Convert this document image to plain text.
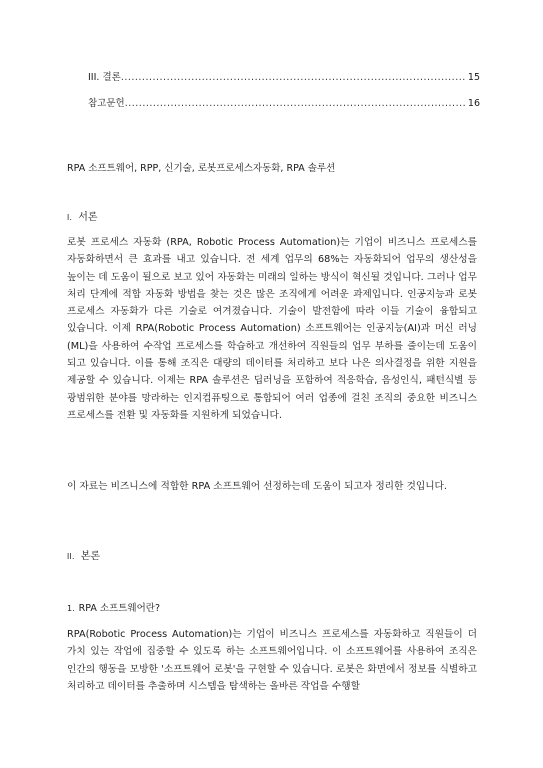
III. 결론 .....	15
참고문헌 .....	16
RPA 소프트웨어, RPP, 신기술, 로봇프로세스자동화, RPA 솔루션
I. 서론

로봇 프로세스 자동화 (RPA, Robotic Process Automation)는 기업이 비즈니스 프로세스를 자동화하면서 큰 효과를 내고 있습니다. 전 세계 업무의 68%는 자동화되어 업무의 생산성을 높이는 데 도움이 될으로 보고 있어 자동화는 미래의 일하는 방식이 혁신될 것입니다. 그러나 업무 처리 단계에 적합 자동화 방법을 찾는 것은 많은 조직에게 어려운 과제입니다. 인공지능과 로봇 프로세스 자동화가 다른 기술로 여겨졌습니다. 기술이 발전함에 따라 이들 기술이 융합되고 있습니다. 이제 RPA(Robotic Process Automation) 소프트웨어는 인공지능(AI)과 머신 러닝(ML)을 사용하여 수작업 프로세스를 학습하고 개선하여 직원들의 업무 부하를 줄이는데 도움이 되고 있습니다. 이를 통해 조직은 대량의 데이터를 처리하고 보다 나은 의사결정을 위한 지원을 제공할 수 있습니다. 이제는 RPA 솔루션은 딥러닝을 포함하여 적응학습, 음성인식, 패턴식별 등 광범위한 분야를 망라하는 인지컴퓨팅으로 통합되어 여러 업종에 걸친 조직의 중요한 비즈니스 프로세스를 전환 및 자동화를 지원하게 되었습니다.

이 자료는 비즈니스에 적합한 RPA 소프트웨어 선정하는데 도움이 되고자 정리한 것입니다.

II. 본론
1. RPA 소프트웨어란?

RPA(Robotic Process Automation)는 기업이 비즈니스 프로세스를 자동화하고 직원들이 더 가치 있는 작업에 집중할 수 있도록 하는 소프트웨어입니다. 이 소프트웨어를 사용하여 조직은 인간의 행동을 모방한 '소프트웨어 로봇'을 구현할 수 있습니다. 로봇은 화면에서 정보를 식별하고 처리하고 데이터를 추출하며 시스템을 탐색하는 올바른 작업을 수행할
